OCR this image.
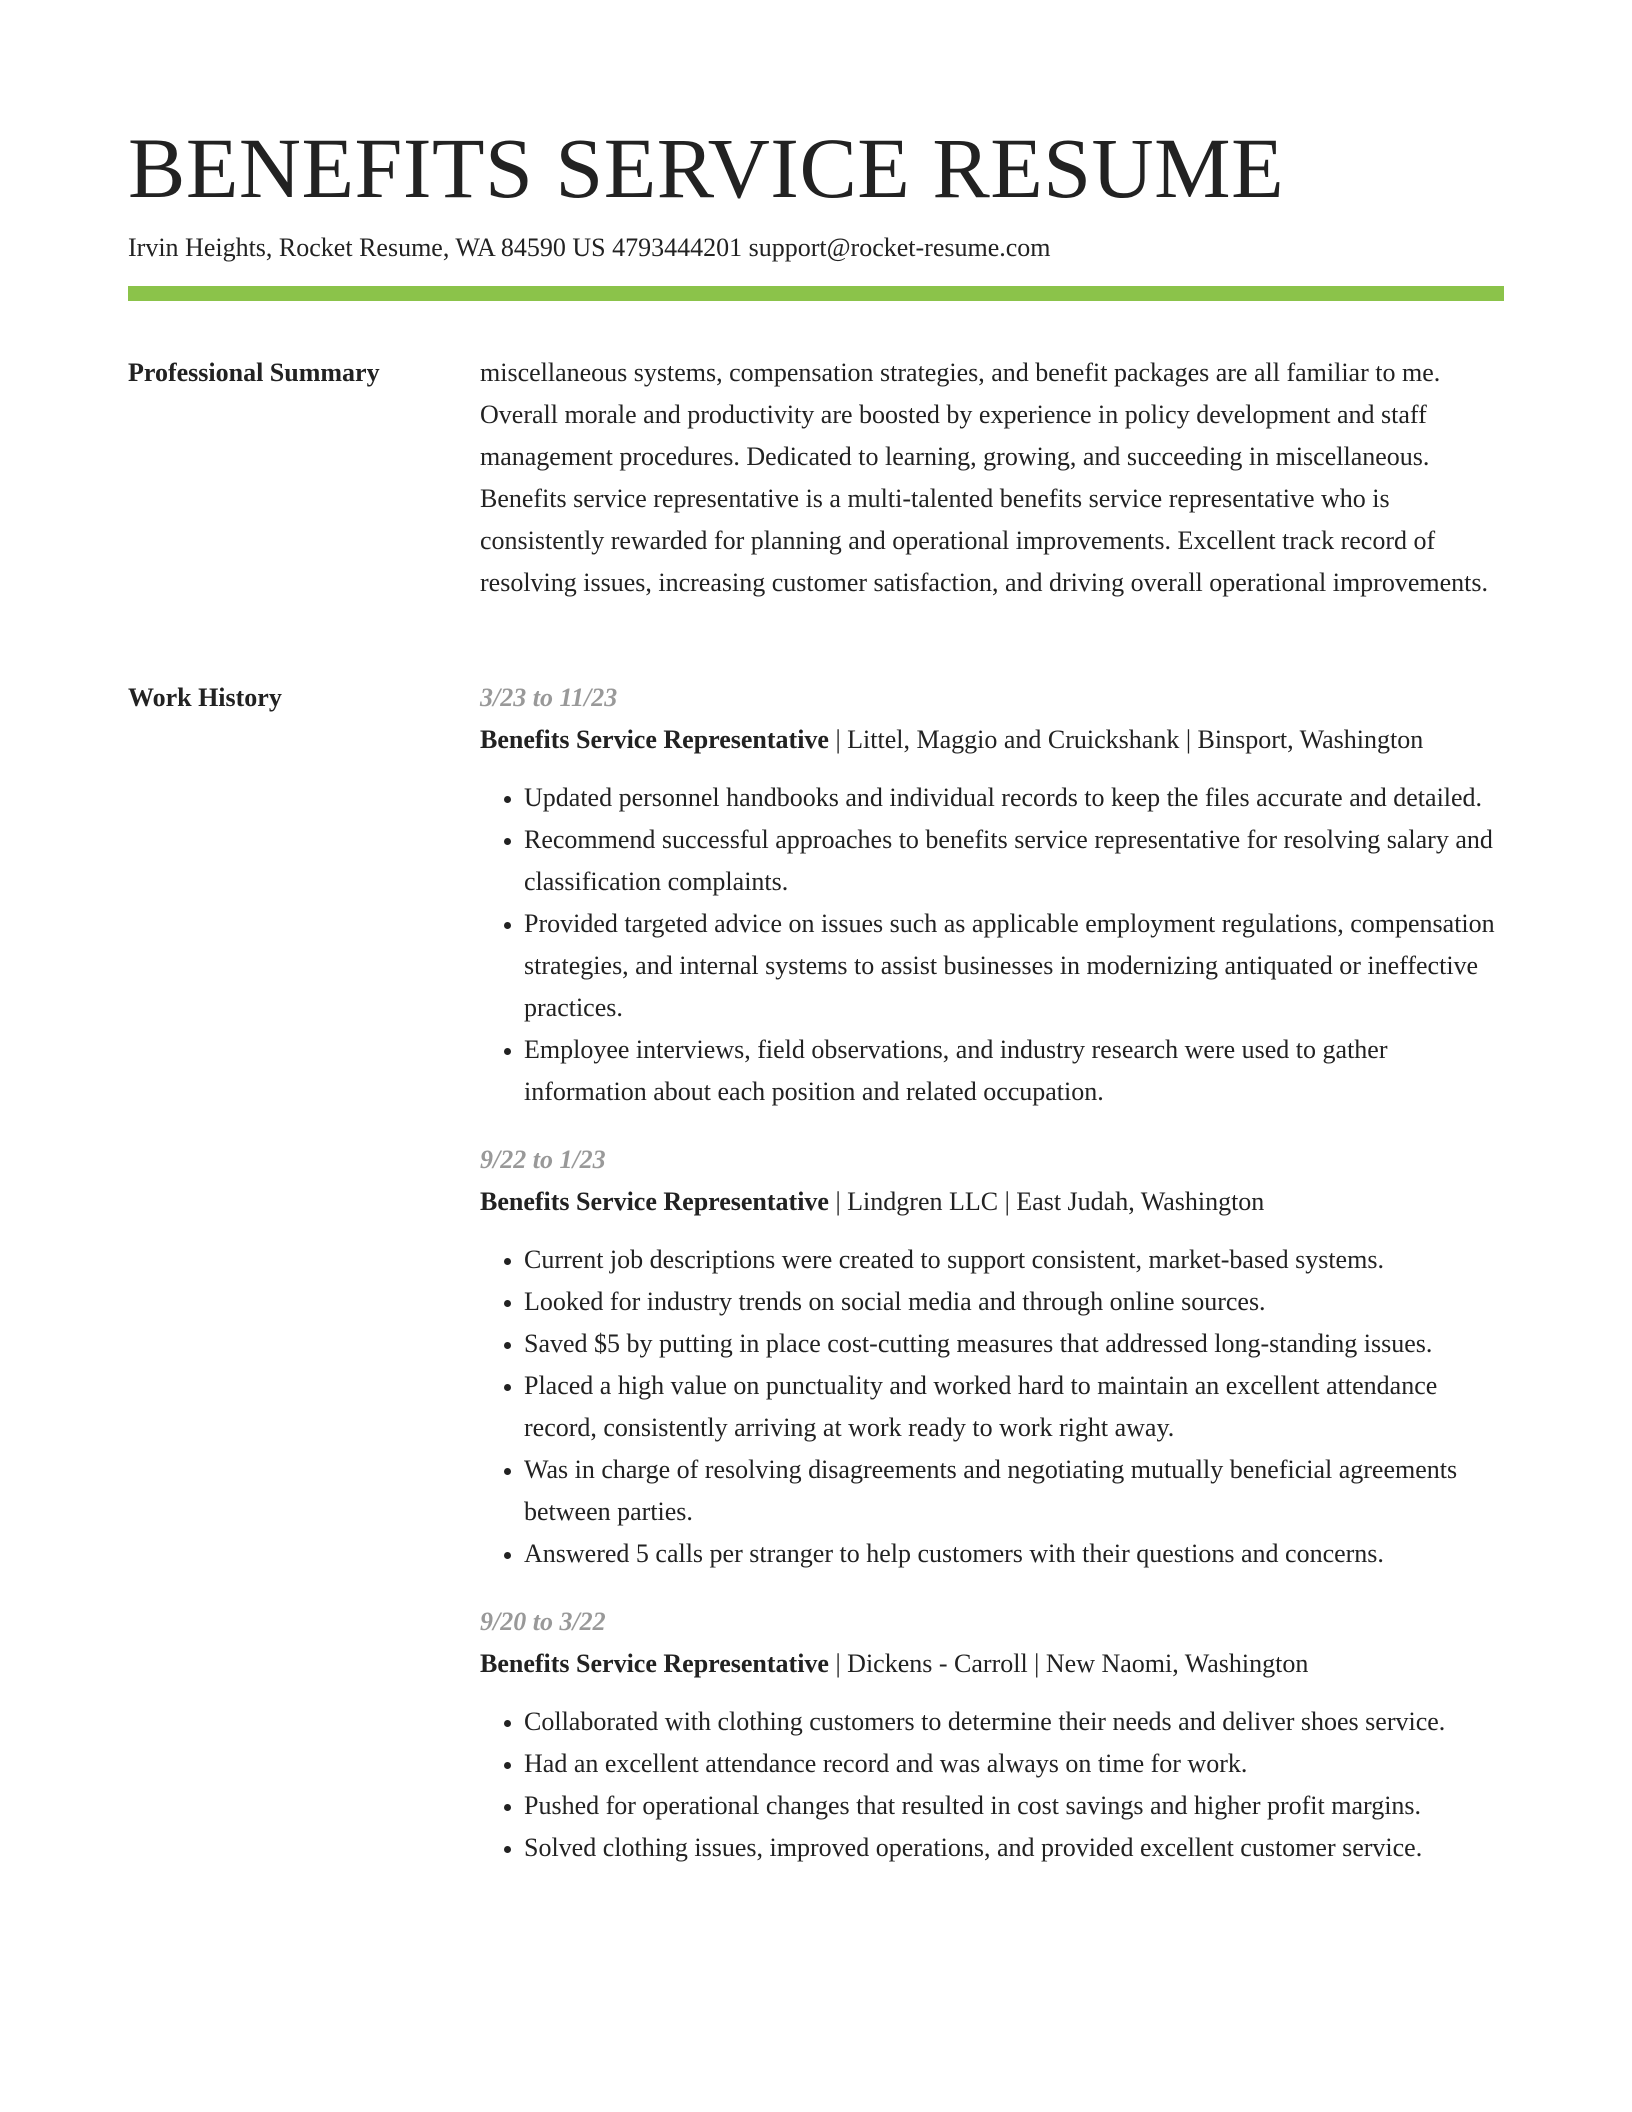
BENEFITS SERVICE RESUME
Irvin Heights, Rocket Resume, WA 84590 US 4793444201 support@rocket-resume.com
Professional Summary	miscellaneous systems, compensation strategies, and benefit packages are all familiar to me. Overall morale and productivity are boosted by experience in policy development and staff management procedures. Dedicated to learning, growing, and succeeding in miscellaneous. Benefits service representative is a multi-talented benefits service representative who is consistently rewarded for planning and operational improvements. Excellent track record of resolving issues, increasing customer satisfaction, and driving overall operational improvements.

Work History	3/23 to 11/23
Benefits Service Representative | Littel, Maggio and Cruickshank | Binsport, Washington
• Updated personnel handbooks and individual records to keep the files accurate and detailed.
• Recommend successful approaches to benefits service representative for resolving salary and classification complaints.
• Provided targeted advice on issues such as applicable employment regulations, compensation strategies, and internal systems to assist businesses in modernizing antiquated or ineffective practices.
• Employee interviews, field observations, and industry research were used to gather information about each position and related occupation.
9/22 to 1/23
Benefits Service Representative | Lindgren LLC | East Judah, Washington
• Current job descriptions were created to support consistent, market-based systems.
• Looked for industry trends on social media and through online sources.
• Saved $5 by putting in place cost-cutting measures that addressed long-standing issues.
• Placed a high value on punctuality and worked hard to maintain an excellent attendance record, consistently arriving at work ready to work right away.
• Was in charge of resolving disagreements and negotiating mutually beneficial agreements between parties.
• Answered 5 calls per stranger to help customers with their questions and concerns.
9/20 to 3/22
Benefits Service Representative | Dickens - Carroll | New Naomi, Washington
• Collaborated with clothing customers to determine their needs and deliver shoes service.
• Had an excellent attendance record and was always on time for work.
• Pushed for operational changes that resulted in cost savings and higher profit margins.
• Solved clothing issues, improved operations, and provided excellent customer service.
